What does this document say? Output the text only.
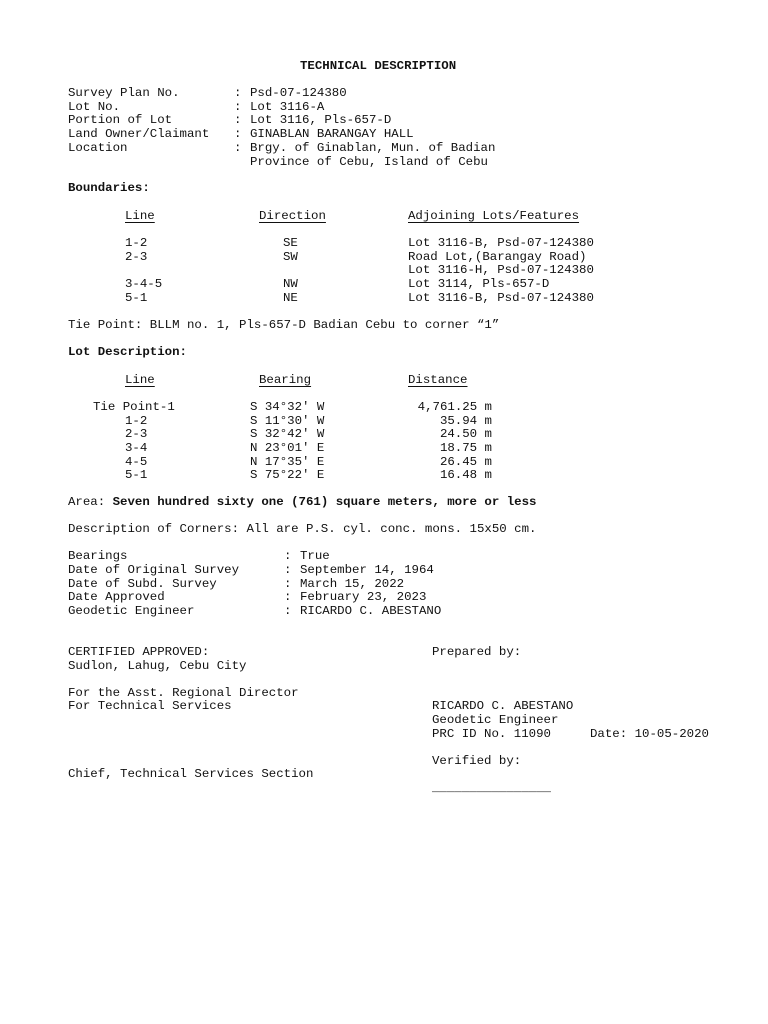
TECHNICAL DESCRIPTION
Survey Plan No.	: Psd-07-124380
Lot No.	: Lot 3116-A
Portion of Lot	: Lot 3116, Pls-657-D
Land Owner/Claimant : GINABLAN BARANGAY HALL
Location	: Brgy. of Ginablan, Mun. of Badian
Province of Cebu, Island of Cebu
Boundaries:
Line	Direction	Adjoining Lots/Features
1-2	SE	Lot 3116-B, Psd-07-124380
2-3	SW	Road Lot,(Barangay Road)
Lot 3116-H, Psd-07-124380
3-4-5	NW	Lot 3114, Pls-657-D
5-1	NE	Lot 3116-B, Psd-07-124380
Tie Point: BLLM no. 1, Pls-657-D Badian Cebu to corner “1”
Lot Description:
Line	Bearing	Distance
Tie Point-1	S 34°32' W	4,761.25 m
1-2	S 11°30' W	35.94 m
2-3	S 32°42' W	24.50 m
3-4	N 23°01' E	18.75 m
4-5	N 17°35' E	26.45 m
5-1	S 75°22' E	16.48 m
Area: Seven hundred sixty one (761) square meters, more or less
Description of Corners: All are P.S. cyl. conc. mons. 15x50 cm.
Bearings	: True
Date of Original Survey	: September 14, 1964
Date of Subd. Survey	: March 15, 2022
Date Approved	: February 23, 2023
Geodetic Engineer	: RICARDO C. ABESTANO
CERTIFIED APPROVED:
Sudlon, Lahug, Cebu City
For the Asst. Regional Director
For Technical Services
Chief, Technical Services Section
Prepared by:
RICARDO C. ABESTANO
Geodetic Engineer
PRC ID No. 11090	Date: 10-05-2020
Verified by:
________________
